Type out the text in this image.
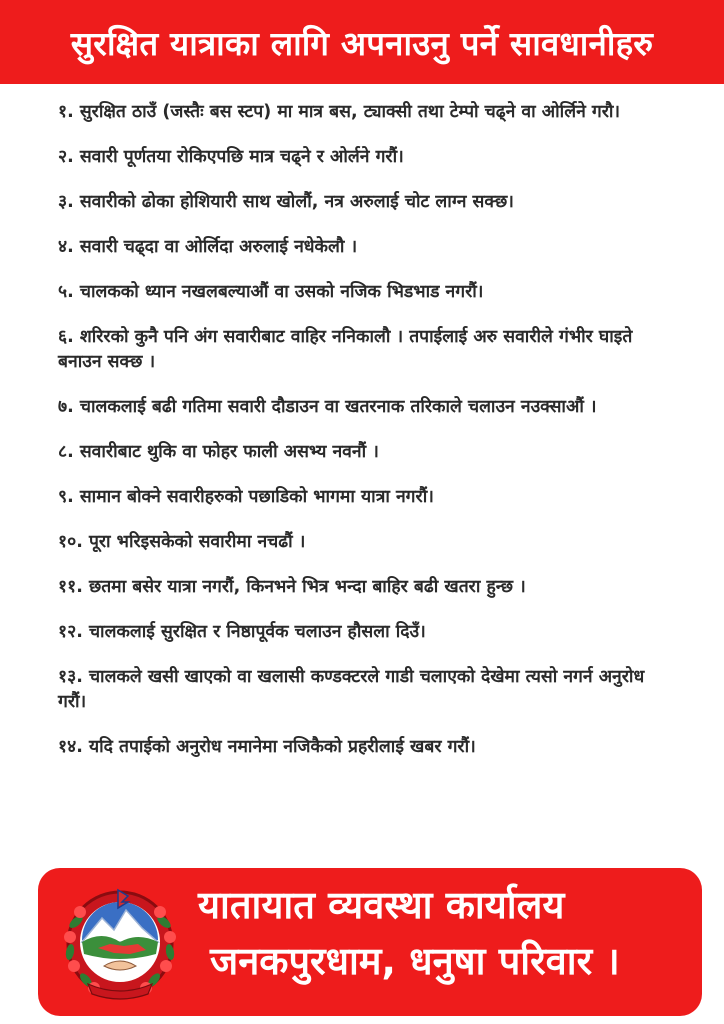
सुरक्षित यात्राका लागि अपनाउनु पर्ने सावधानीहरु
१. सुरक्षित ठाउँ (जस्तैः बस स्टप) मा मात्र बस, ट्याक्सी तथा टेम्पो चढ्ने वा ओर्लिने गरौ।
२. सवारी पूर्णतया रोकिएपछि मात्र चढ्ने र ओर्लने गरौं।
३. सवारीको ढोका होशियारी साथ खोलौं, नत्र अरुलाई चोट लाग्न सक्छ।
४. सवारी चढ्दा वा ओर्लिदा अरुलाई नधेकेलौ ।
५. चालकको ध्यान नखलबल्याऔं वा उसको नजिक भिडभाड नगरौं।
६. शरिरको कुनै पनि अंग सवारीबाट वाहिर ननिकालौ । तपाईलाई अरु सवारीले गंभीर घाइते बनाउन सक्छ ।
७. चालकलाई बढी गतिमा सवारी दौडाउन वा खतरनाक तरिकाले चलाउन नउक्साऔं ।
८. सवारीबाट थुकि वा फोहर फाली असभ्य नवनौं ।
९. सामान बोक्ने सवारीहरुको पछाडिको भागमा यात्रा नगरौं।
१०. पूरा भरिइसकेको सवारीमा नचढौं ।
११. छतमा बसेर यात्रा नगरौं, किनभने भित्र भन्दा बाहिर बढी खतरा हुन्छ ।
१२. चालकलाई सुरक्षित र निष्ठापूर्वक चलाउन हौसला दिउँ।
१३. चालकले खसी खाएको वा खलासी कण्डक्टरले गाडी चलाएको देखेमा त्यसो नगर्न अनुरोध गरौं।
१४. यदि तपाईको अनुरोध नमानेमा नजिकैको प्रहरीलाई खबर गरौं।
यातायात व्यवस्था कार्यालय
जनकपुरधाम, धनुषा परिवार ।
